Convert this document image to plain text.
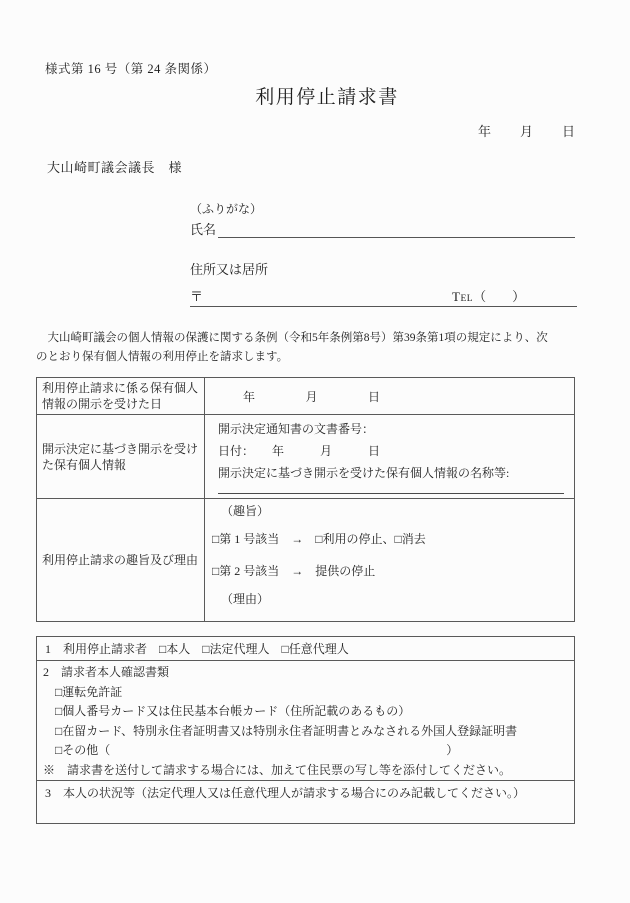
様式第 16 号（第 24 条関係）
利用停止請求書
年　　月　　日
大山崎町議会議長　様
（ふりがな）
氏名
住所又は居所
〒	TEL（　　）
　大山崎町議会の個人情報の保護に関する条例（令和5年条例第8号）第39条第1項の規定により、次
のとおり保有個人情報の利用停止を請求します。
利用停止請求に係る保有個人情報の開示を受けた日	年　　　　月　　　　日
開示決定に基づき開示を受けた保有個人情報	開示決定通知書の文書番号：
日付：　　年　　　月　　　日
開示決定に基づき開示を受けた保有個人情報の名称等:

利用停止請求の趣旨及び理由	（趣旨）
□第 1 号該当　→　□利用の停止、□消去
□第 2 号該当　→　提供の停止
（理由）
1　利用停止請求者　□本人　□法定代理人　□任意代理人

2　請求者本人確認書類
□運転免許証
□個人番号カード又は住民基本台帳カード（住所記載のあるもの）
□在留カード、特別永住者証明書又は特別永住者証明書とみなされる外国人登録証明書
□その他（　　　　　　　　　　　　　　　　　　　　　　　　　　　　）
※　請求書を送付して請求する場合には、加えて住民票の写し等を添付してください。

3　本人の状況等（法定代理人又は任意代理人が請求する場合にのみ記載してください。）
